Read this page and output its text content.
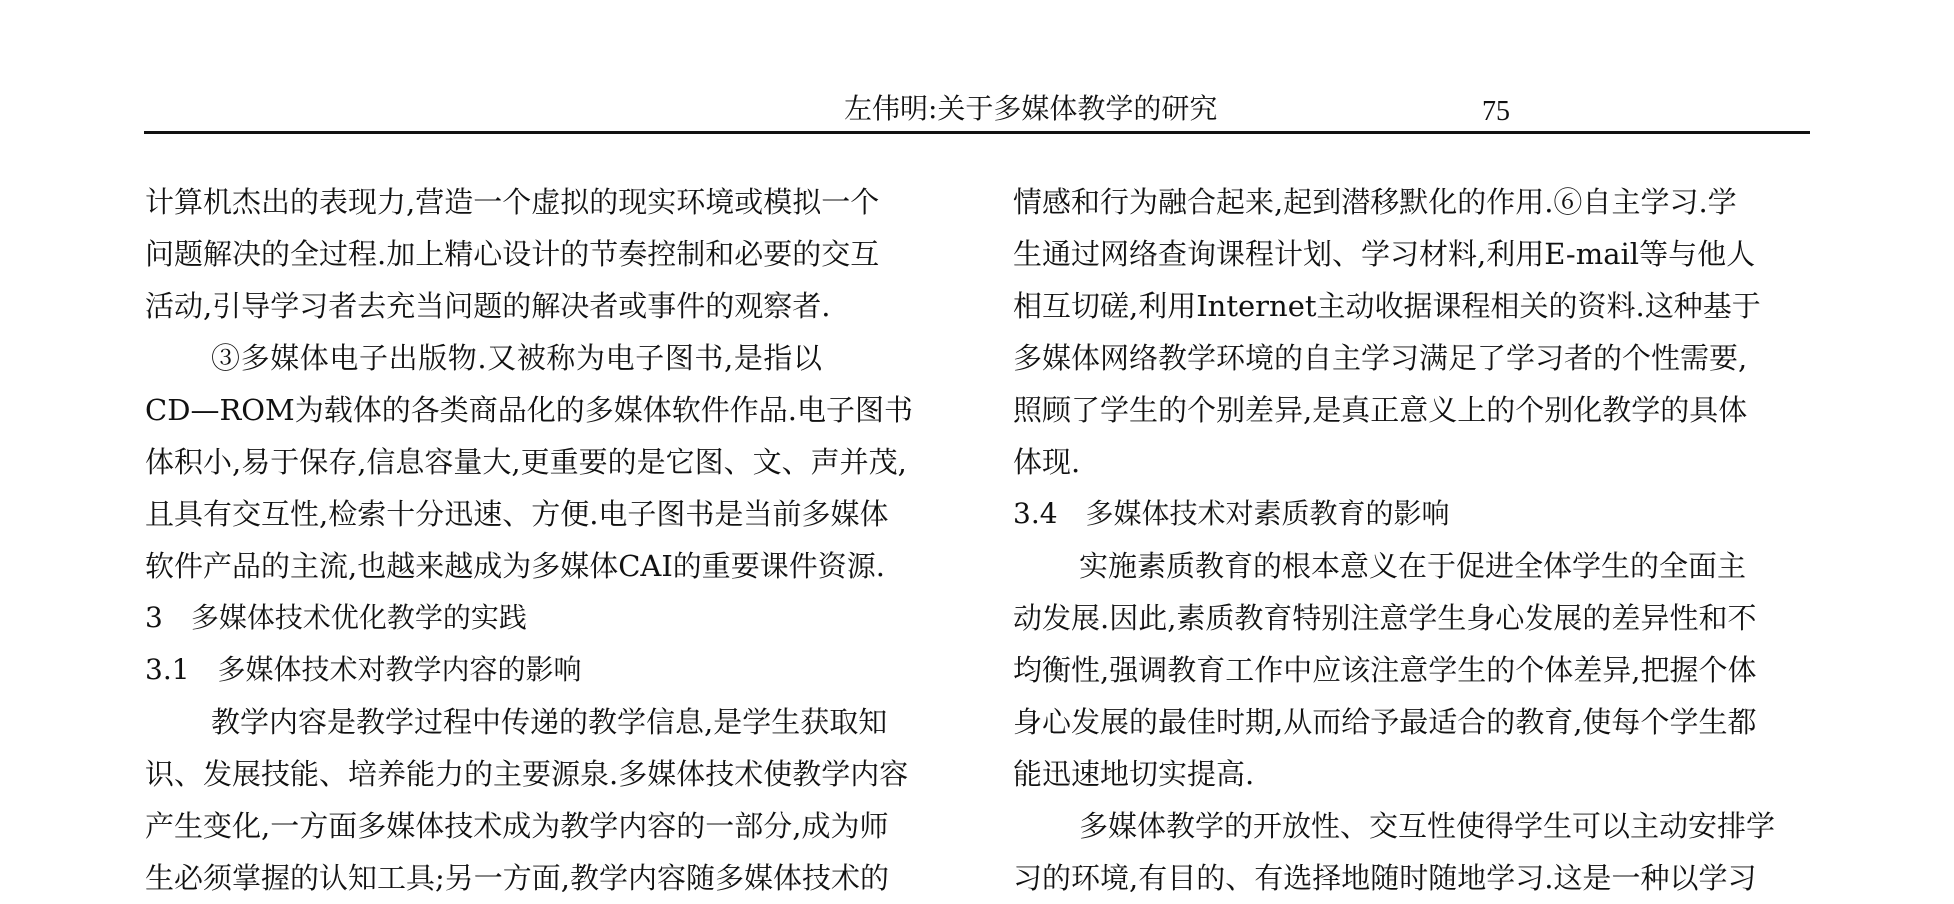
左伟明:关于多媒体教学的研究	75
计算机杰出的表现力,营造一个虚拟的现实环境或模拟一个
问题解决的全过程.加上精心设计的节奏控制和必要的交互
活动,引导学习者去充当问题的解决者或事件的观察者.
③多媒体电子出版物.又被称为电子图书,是指以
CD—ROM为载体的各类商品化的多媒体软件作品.电子图书
体积小,易于保存,信息容量大,更重要的是它图、文、声并茂,
且具有交互性,检索十分迅速、方便.电子图书是当前多媒体
软件产品的主流,也越来越成为多媒体CAI的重要课件资源.
3　多媒体技术优化教学的实践
3.1　多媒体技术对教学内容的影响
教学内容是教学过程中传递的教学信息,是学生获取知
识、发展技能、培养能力的主要源泉.多媒体技术使教学内容
产生变化,一方面多媒体技术成为教学内容的一部分,成为师
生必须掌握的认知工具;另一方面,教学内容随多媒体技术的
情感和行为融合起来,起到潜移默化的作用.⑥自主学习.学
生通过网络查询课程计划、学习材料,利用E-mail等与他人
相互切磋,利用Internet主动收据课程相关的资料.这种基于
多媒体网络教学环境的自主学习满足了学习者的个性需要,
照顾了学生的个别差异,是真正意义上的个别化教学的具体
体现.
3.4　多媒体技术对素质教育的影响
实施素质教育的根本意义在于促进全体学生的全面主
动发展.因此,素质教育特别注意学生身心发展的差异性和不
均衡性,强调教育工作中应该注意学生的个体差异,把握个体
身心发展的最佳时期,从而给予最适合的教育,使每个学生都
能迅速地切实提高.
多媒体教学的开放性、交互性使得学生可以主动安排学
习的环境,有目的、有选择地随时随地学习.这是一种以学习
